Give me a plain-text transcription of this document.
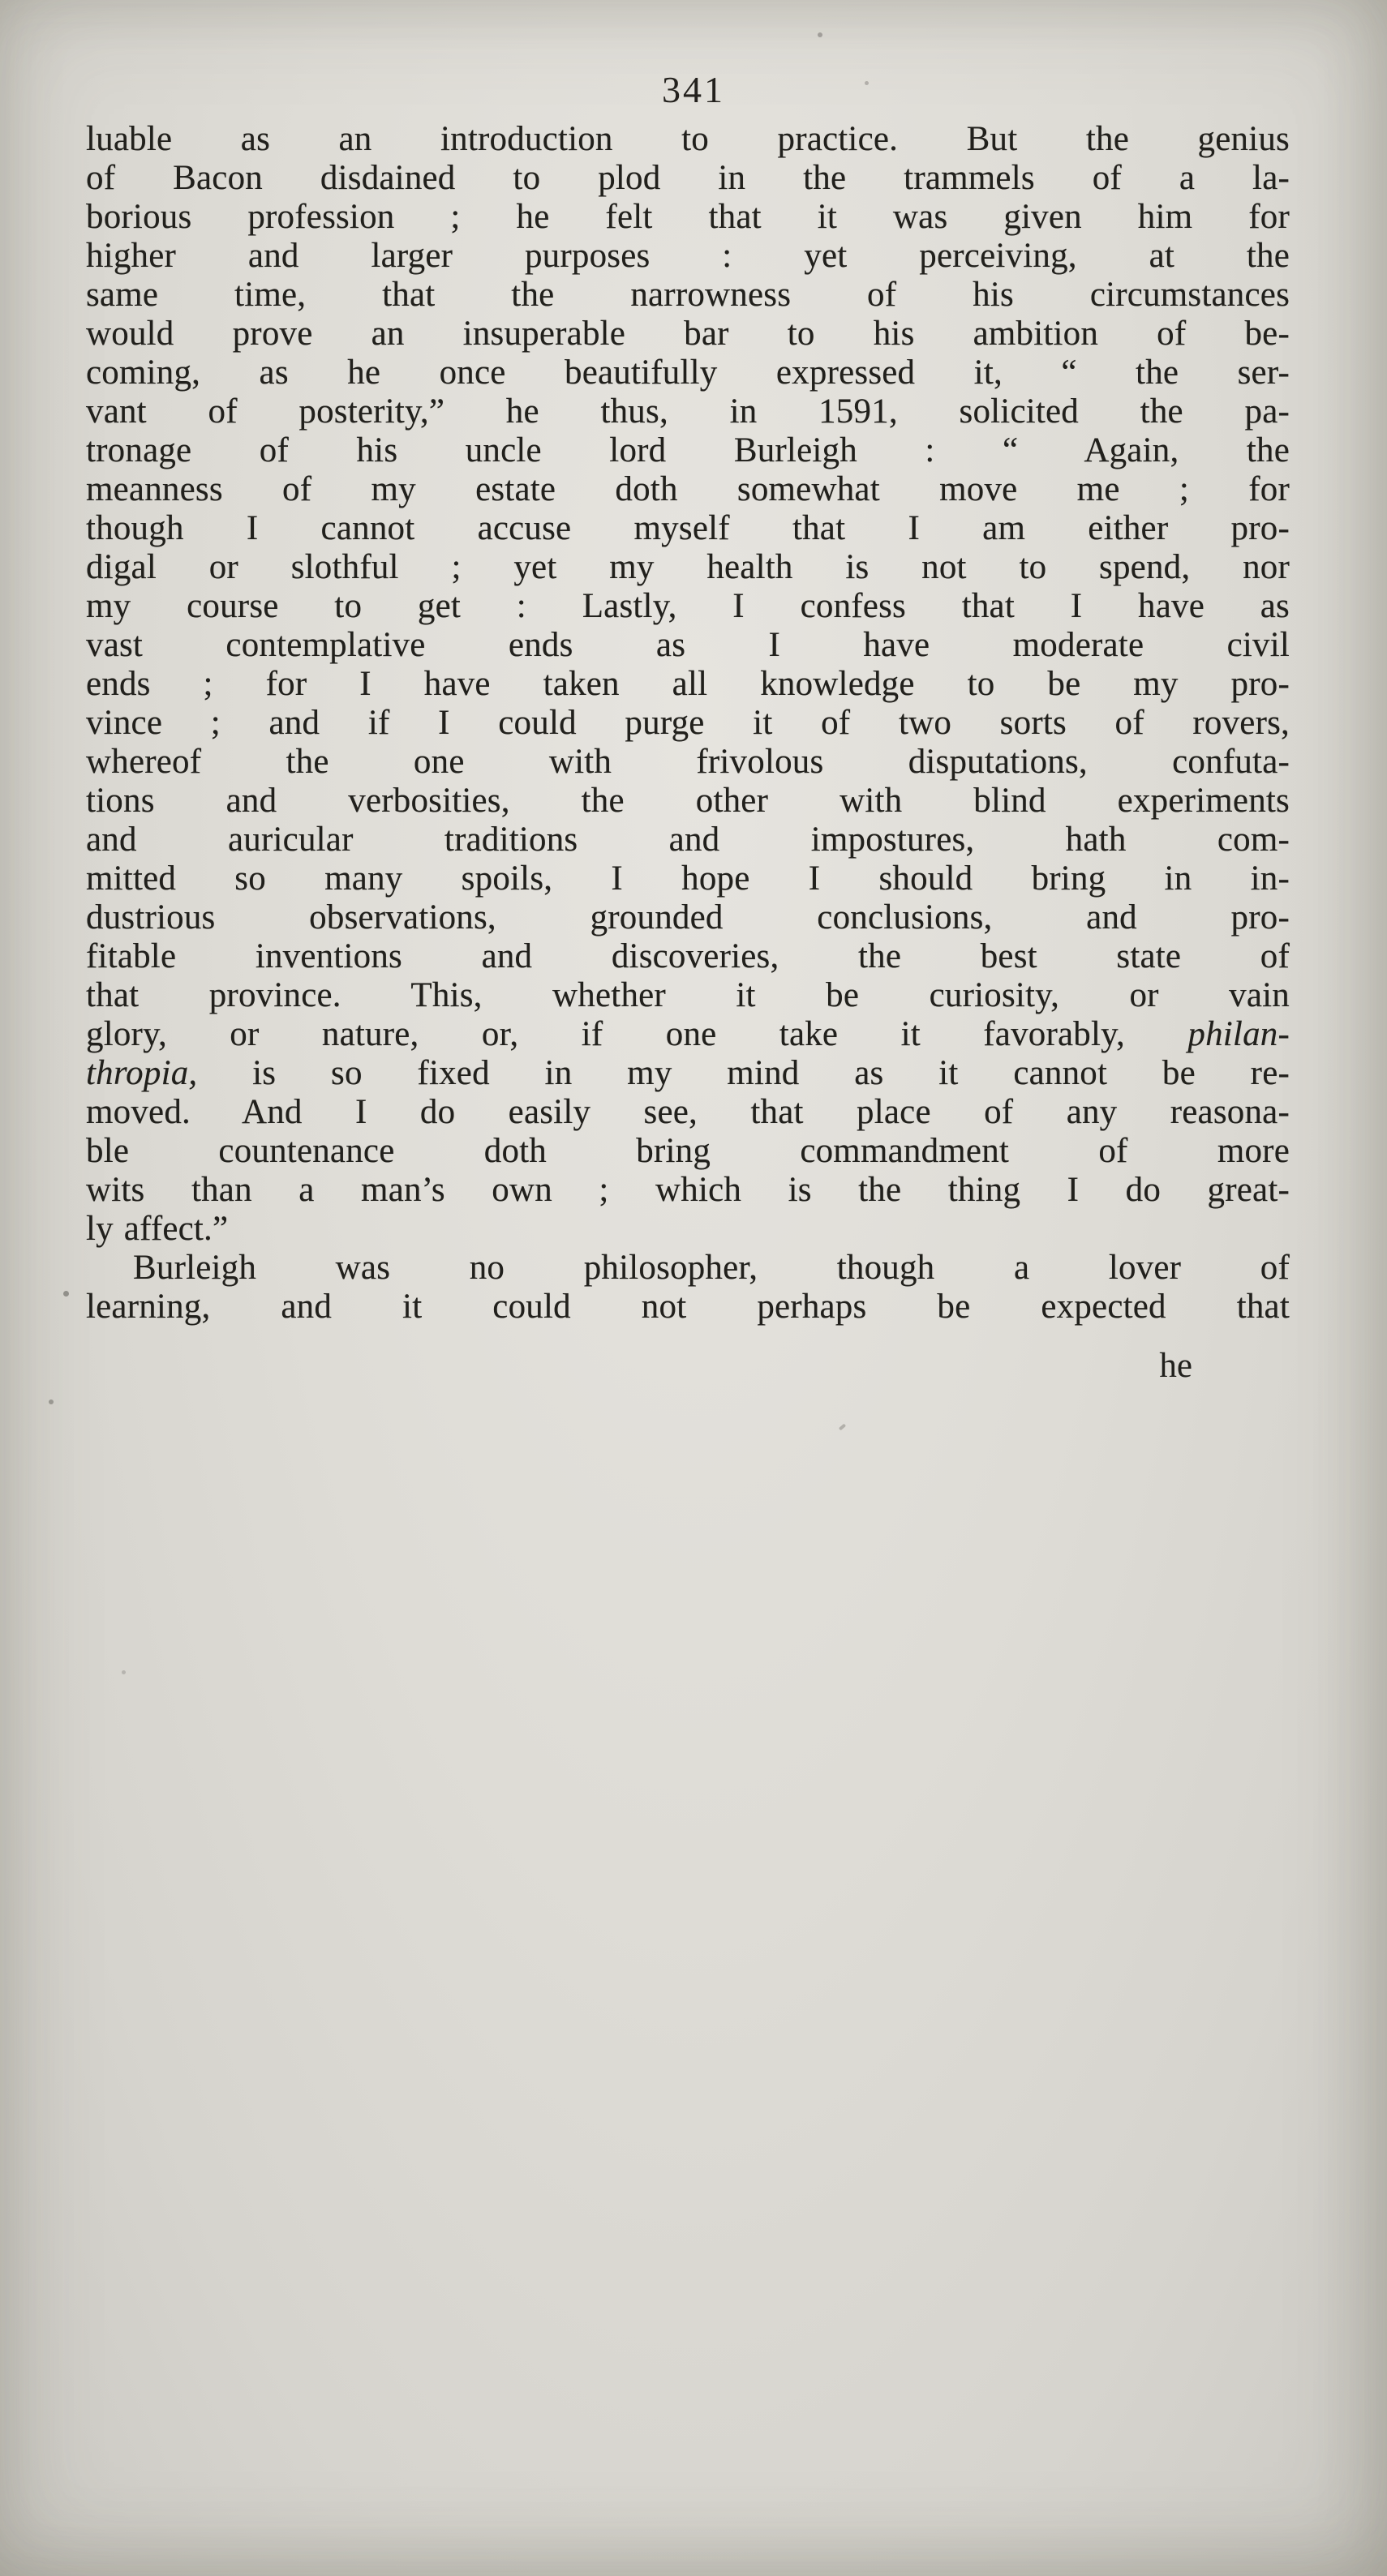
341
luable as an introduction to practice. But the genius
of Bacon disdained to plod in the trammels of a la-
borious profession ; he felt that it was given him for
higher and larger purposes : yet perceiving, at the
same time, that the narrowness of his circumstances
would prove an insuperable bar to his ambition of be-
coming, as he once beautifully expressed it, “ the ser-
vant of posterity,” he thus, in 1591, solicited the pa-
tronage of his uncle lord Burleigh : “ Again, the
meanness of my estate doth somewhat move me ; for
though I cannot accuse myself that I am either pro-
digal or slothful ; yet my health is not to spend, nor
my course to get : Lastly, I confess that I have as
vast contemplative ends as I have moderate civil
ends ; for I have taken all knowledge to be my pro-
vince ; and if I could purge it of two sorts of rovers,
whereof the one with frivolous disputations, confuta-
tions and verbosities, the other with blind experiments
and auricular traditions and impostures, hath com-
mitted so many spoils, I hope I should bring in in-
dustrious observations, grounded conclusions, and pro-
fitable inventions and discoveries, the best state of
that province. This, whether it be curiosity, or vain
glory, or nature, or, if one take it favorably, philan-
thropia, is so fixed in my mind as it cannot be re-
moved. And I do easily see, that place of any reasona-
ble countenance doth bring commandment of more
wits than a man’s own ; which is the thing I do great-
ly affect.”
Burleigh was no philosopher, though a lover of
learning, and it could not perhaps be expected that
he
